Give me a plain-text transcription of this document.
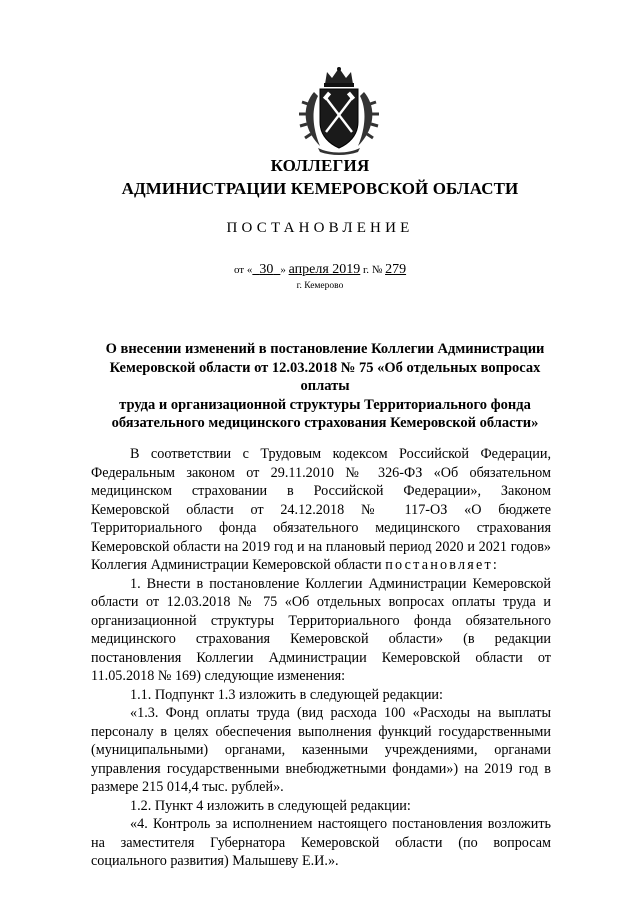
КОЛЛЕГИЯ
АДМИНИСТРАЦИИ КЕМЕРОВСКОЙ ОБЛАСТИ
ПОСТАНОВЛЕНИЕ
от « 30 » апреля 2019 г. № 279
г. Кемерово
О внесении изменений в постановление Коллегии Администрации
Кемеровской области от 12.03.2018 № 75 «Об отдельных вопросах оплаты
труда и организационной структуры Территориального фонда
обязательного медицинского страхования Кемеровской области»

В соответствии с Трудовым кодексом Российской Федерации, Федеральным законом от 29.11.2010 № 326-ФЗ «Об обязательном медицинском страховании в Российской Федерации», Законом Кемеровской области от 24.12.2018 № 117-ОЗ «О бюджете Территориального фонда обязательного медицинского страхования Кемеровской области на 2019 год и на плановый период 2020 и 2021 годов» Коллегия Администрации Кемеровской области постановляет:

1. Внести в постановление Коллегии Администрации Кемеровской области от 12.03.2018 № 75 «Об отдельных вопросах оплаты труда и организационной структуры Территориального фонда обязательного медицинского страхования Кемеровской области» (в редакции постановления Коллегии Администрации Кемеровской области от 11.05.2018 № 169) следующие изменения:

1.1. Подпункт 1.3 изложить в следующей редакции:

«1.3. Фонд оплаты труда (вид расхода 100 «Расходы на выплаты персоналу в целях обеспечения выполнения функций государственными (муниципальными) органами, казенными учреждениями, органами управления государственными внебюджетными фондами») на 2019 год в размере 215 014,4 тыс. рублей».

1.2. Пункт 4 изложить в следующей редакции:

«4. Контроль за исполнением настоящего постановления возложить на заместителя Губернатора Кемеровской области (по вопросам социального развития) Малышеву Е.И.».
